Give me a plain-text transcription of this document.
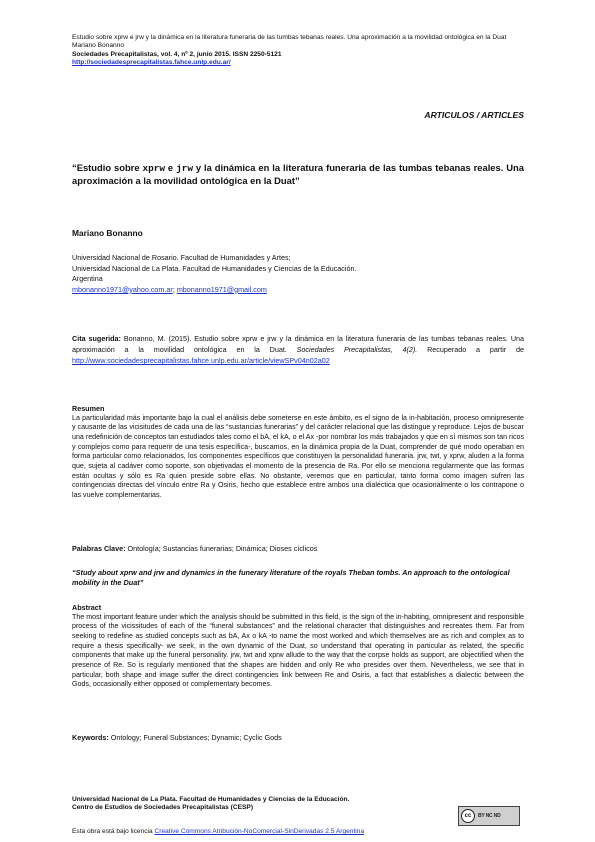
Estudio sobre xprw e jrw y la dinámica en la literatura funeraria de las tumbas tebanas reales. Una aproximación a la movilidad ontológica en la Duat
Mariano Bonanno
Sociedades Precapitalistas, vol. 4, nº 2, junio 2015. ISSN 2250-5121
http://sociedadesprecapitalistas.fahce.unlp.edu.ar/
ARTICULOS / ARTICLES
“Estudio sobre xprw e jrw y la dinámica en la literatura funeraria de las tumbas tebanas reales. Una aproximación a la movilidad ontológica en la Duat”
Mariano Bonanno
Universidad Nacional de Rosario. Facultad de Humanidades y Artes;
Universidad Nacional de La Plata. Facultad de Humanidades y Ciencias de la Educación.
Argentina
mbonanno1971@yahoo.com.ar; mbonanno1971@gmail.com
Cita sugerida: Bonanno, M. (2015). Estudio sobre xprw e jrw y la dinámica en la literatura funeraria de las tumbas tebanas reales. Una aproximación a la movilidad ontológica en la Duat. Sociedades Precapitalistas, 4(2). Recuperado a partir de http://www.sociedadesprecapitalistas.fahce.unlp.edu.ar/article/viewSPv04n02a02
Resumen
La particularidad más importante bajo la cual el análisis debe someterse en este ámbito, es el signo de la in-habitación, proceso omnipresente y causante de las vicisitudes de cada una de las “sustancias funerarias” y del carácter relacional que las distingue y reproduce. Lejos de buscar una redefinición de conceptos tan estudiados tales como el bA, el kA, o el Ax -por nombrar los más trabajados y que en sí mismos son tan ricos y complejos como para requerir de una tesis específica-, buscamos, en la dinámica propia de la Duat, comprender de qué modo operaban en forma particular como relacionados, los componentes específicos que constituyen la personalidad funeraria. jrw, twt, y xprw, aluden a la forma que, sujeta al cadáver como soporte, son objetivadas el momento de la presencia de Ra. Por ello se menciona regularmente que las formas están ocultas y sólo es Ra quien preside sobre ellas. No obstante, veremos que en particular, tanto forma como imagen sufren las contingencias directas del vínculo entre Ra y Osiris, hecho que establece entre ambos una dialéctica que ocasionalmente o los contrapone o las vuelve complementarias.
Palabras Clave: Ontología; Sustancias funerarias; Dinámica; Dioses cíclicos
“Study about xprw and jrw and dynamics in the funerary literature of the royals Theban tombs. An approach to the ontological mobility in the Duat”
Abstract
The most important feature under which the analysis should be submitted in this field, is the sign of the in-habiting, omnipresent and responsible process of the vicissitudes of each of the “funeral substances” and the relational character that distinguishes and recreates them. Far from seeking to redefine as studied concepts such as bA, Ax o kA -to name the most worked and which themselves are as rich and complex as to require a thesis specifically- we seek, in the own dynamic of the Duat, so understand that operating in particular as related, the specific components that make up the funeral personality. jrw, twt and xprw allude to the way that the corpse holds as support, are objectified when the presence of Re. So is regularly mentioned that the shapes are hidden and only Re who presides over them. Nevertheless, we see that in particular, both shape and image suffer the direct contingencies link between Re and Osiris, a fact that establishes a dialectic between the Gods, occasionally either opposed or complementary becomes.
Keywords: Ontology; Funeral Substances; Dynamic; Cyclic Gods
Universidad Nacional de La Plata. Facultad de Humanidades y Ciencias de la Educación.
Centro de Estudios de Sociedades Precapitalistas (CESP)
cc	BY NC ND
Esta obra está bajo licencia Creative Commons Atribución-NoComercial-SinDerivadas 2.5 Argentina
